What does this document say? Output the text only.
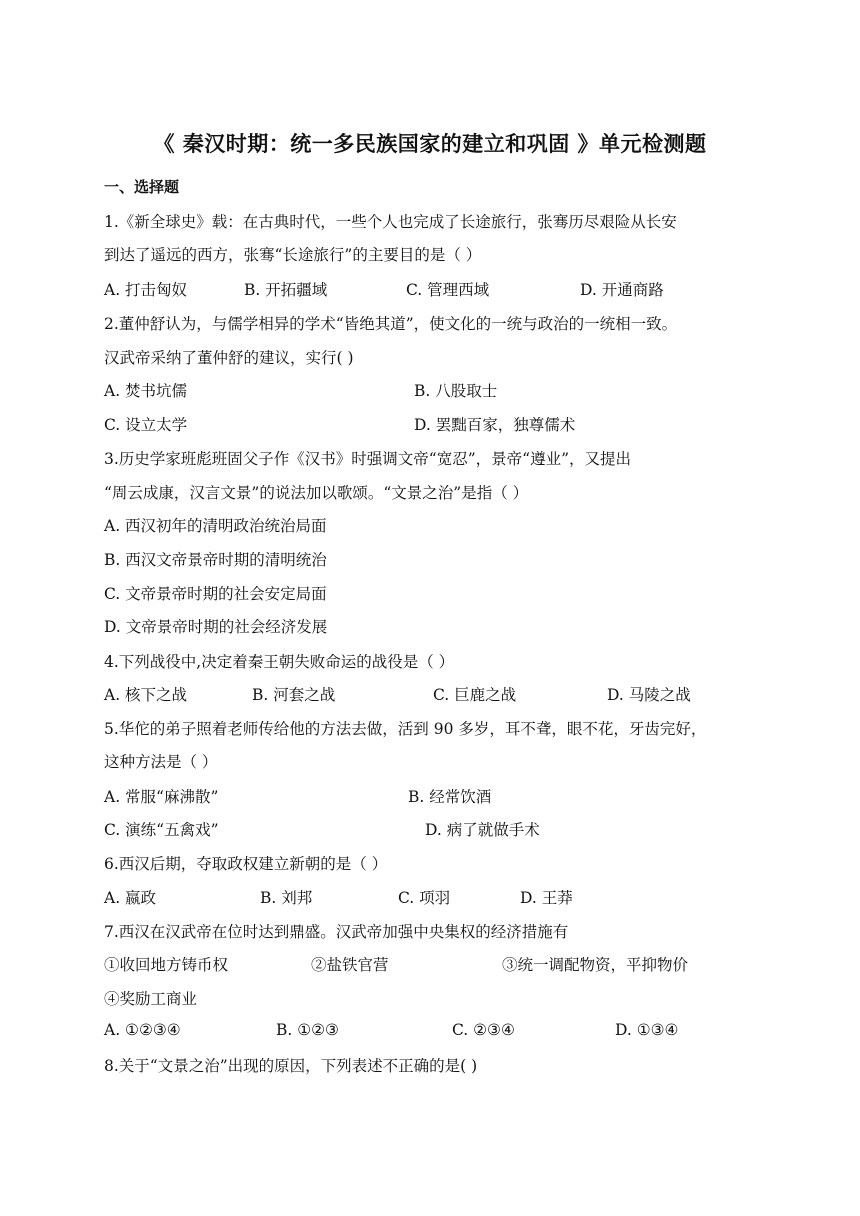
《 秦汉时期：统一多民族国家的建立和巩固 》单元检测题
一、选择题
1.《新全球史》载：在古典时代，一些个人也完成了长途旅行，张骞历尽艰险从长安
到达了遥远的西方，张骞“长途旅行”的主要目的是（ ）
A. 打击匈奴	B. 开拓疆域	C. 管理西域	D. 开通商路
2.董仲舒认为，与儒学相异的学术“皆绝其道”，使文化的一统与政治的一统相一致。
汉武帝采纳了董仲舒的建议，实行( )
A. 焚书坑儒	B. 八股取士
C. 设立太学	D. 罢黜百家，独尊儒术
3.历史学家班彪班固父子作《汉书》时强调文帝“宽忍”，景帝“遵业”，又提出
“周云成康，汉言文景”的说法加以歌颂。“文景之治”是指（ ）
A. 西汉初年的清明政治统治局面
B. 西汉文帝景帝时期的清明统治
C. 文帝景帝时期的社会安定局面
D. 文帝景帝时期的社会经济发展
4.下列战役中,决定着秦王朝失败命运的战役是（ ）
A. 核下之战	B. 河套之战	C. 巨鹿之战	D. 马陵之战
5.华佗的弟子照着老师传给他的方法去做，活到 90 多岁，耳不聋，眼不花，牙齿完好，
这种方法是（ ）
A. 常服“麻沸散”	B. 经常饮酒
C. 演练“五禽戏”	D. 病了就做手术
6.西汉后期，夺取政权建立新朝的是（ ）
A. 嬴政	B. 刘邦	C. 项羽	D. 王莽
7.西汉在汉武帝在位时达到鼎盛。汉武帝加强中央集权的经济措施有
①收回地方铸币权	②盐铁官营	③统一调配物资，平抑物价
④奖励工商业
A. ①②③④	B. ①②③	C. ②③④	D. ①③④
8.关于“文景之治”出现的原因，下列表述不正确的是( )
